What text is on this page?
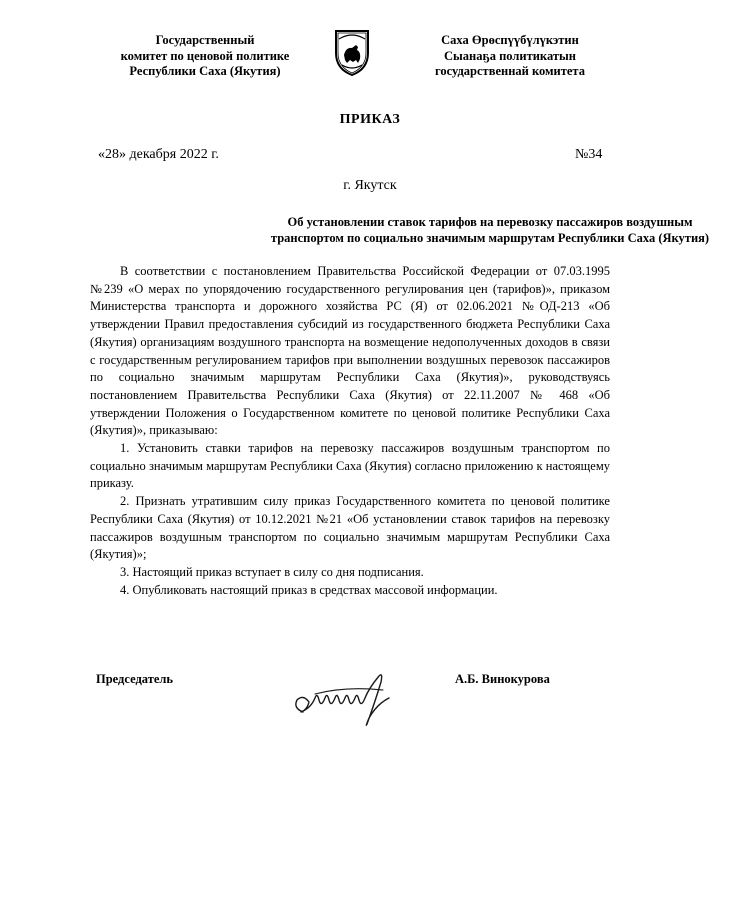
Государственный
комитет по ценовой политике
Республики Саха (Якутия)
Саха Өрөспүүбүлүкэтин
Сыанаҕа политикатын
государственнай комитета
ПРИКАЗ
«28» декабря 2022 г.	№34
г. Якутск
Об установлении ставок тарифов на перевозку пассажиров воздушным
транспортом по социально значимым маршрутам Республики Саха (Якутия)

В соответствии с постановлением Правительства Российской Федерации от 07.03.1995 №239 «О мерах по упорядочению государственного регулирования цен (тарифов)», приказом Министерства транспорта и дорожного хозяйства РС (Я) от 02.06.2021 №ОД-213 «Об утверждении Правил предоставления субсидий из государственного бюджета Республики Саха (Якутия) организациям воздушного транспорта на возмещение недополученных доходов в связи с государственным регулированием тарифов при выполнении воздушных перевозок пассажиров по социально значимым маршрутам Республики Саха (Якутия)», руководствуясь постановлением Правительства Республики Саха (Якутия) от 22.11.2007 № 468 «Об утверждении Положения о Государственном комитете по ценовой политике Республики Саха (Якутия)», приказываю:

1. Установить ставки тарифов на перевозку пассажиров воздушным транспортом по социально значимым маршрутам Республики Саха (Якутия) согласно приложению к настоящему приказу.

2. Признать утратившим силу приказ Государственного комитета по ценовой политике Республики Саха (Якутия) от 10.12.2021 №21 «Об установлении ставок тарифов на перевозку пассажиров воздушным транспортом по социально значимым маршрутам Республики Саха (Якутия)»;

3. Настоящий приказ вступает в силу со дня подписания.

4. Опубликовать настоящий приказ в средствах массовой информации.

Председатель	А.Б. Винокурова
